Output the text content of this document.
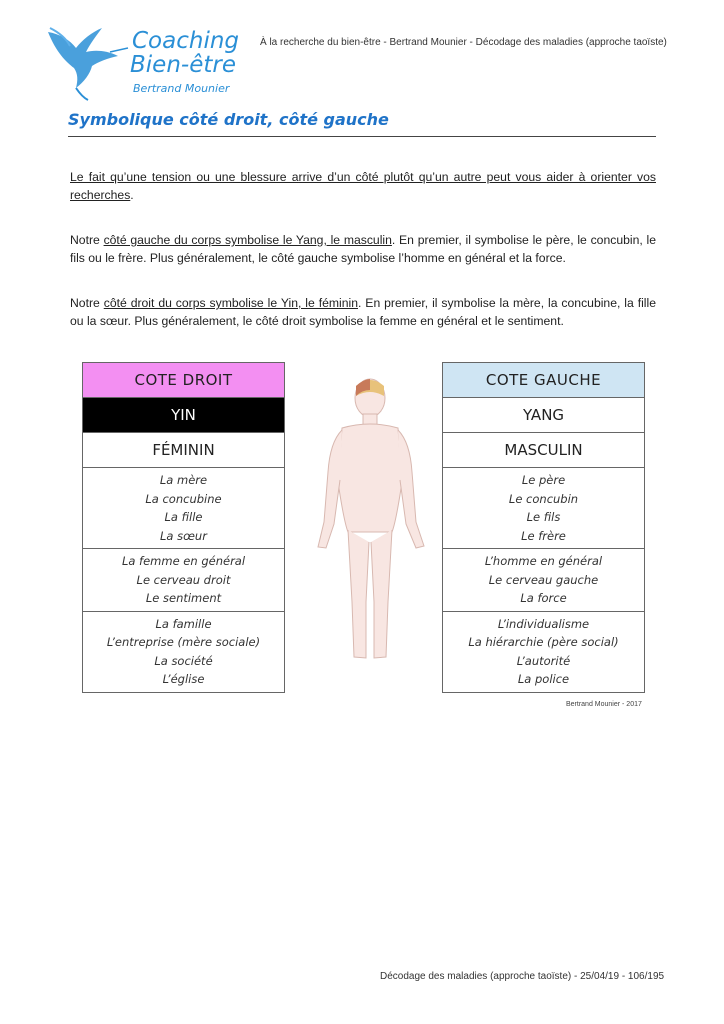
Coaching
Bien-être
Bertrand Mounier
À la recherche du bien-être - Bertrand Mounier - Décodage des maladies (approche taoïste)
Symbolique côté droit, côté gauche
Le fait qu’une tension ou une blessure arrive d’un côté plutôt qu’un autre peut vous aider à orienter vos recherches.
Notre côté gauche du corps symbolise le Yang, le masculin. En premier, il symbolise le père, le concubin, le fils ou le frère. Plus généralement, le côté gauche symbolise l’homme en général et la force.
Notre côté droit du corps symbolise le Yin, le féminin. En premier, il symbolise la mère, la concubine, la fille ou la sœur. Plus généralement, le côté droit symbolise la femme en général et le sentiment.
COTE DROIT
YIN
FÉMININ
La mère
La concubine
La fille
La sœur
La femme en général
Le cerveau droit
Le sentiment
La famille
L’entreprise (mère sociale)
La société
L’église
COTE GAUCHE
YANG
MASCULIN
Le père
Le concubin
Le fils
Le frère
L’homme en général
Le cerveau gauche
La force
L’individualisme
La hiérarchie (père social)
L’autorité
La police
Bertrand Mounier - 2017
Décodage des maladies (approche taoïste) - 25/04/19 - 106/195
